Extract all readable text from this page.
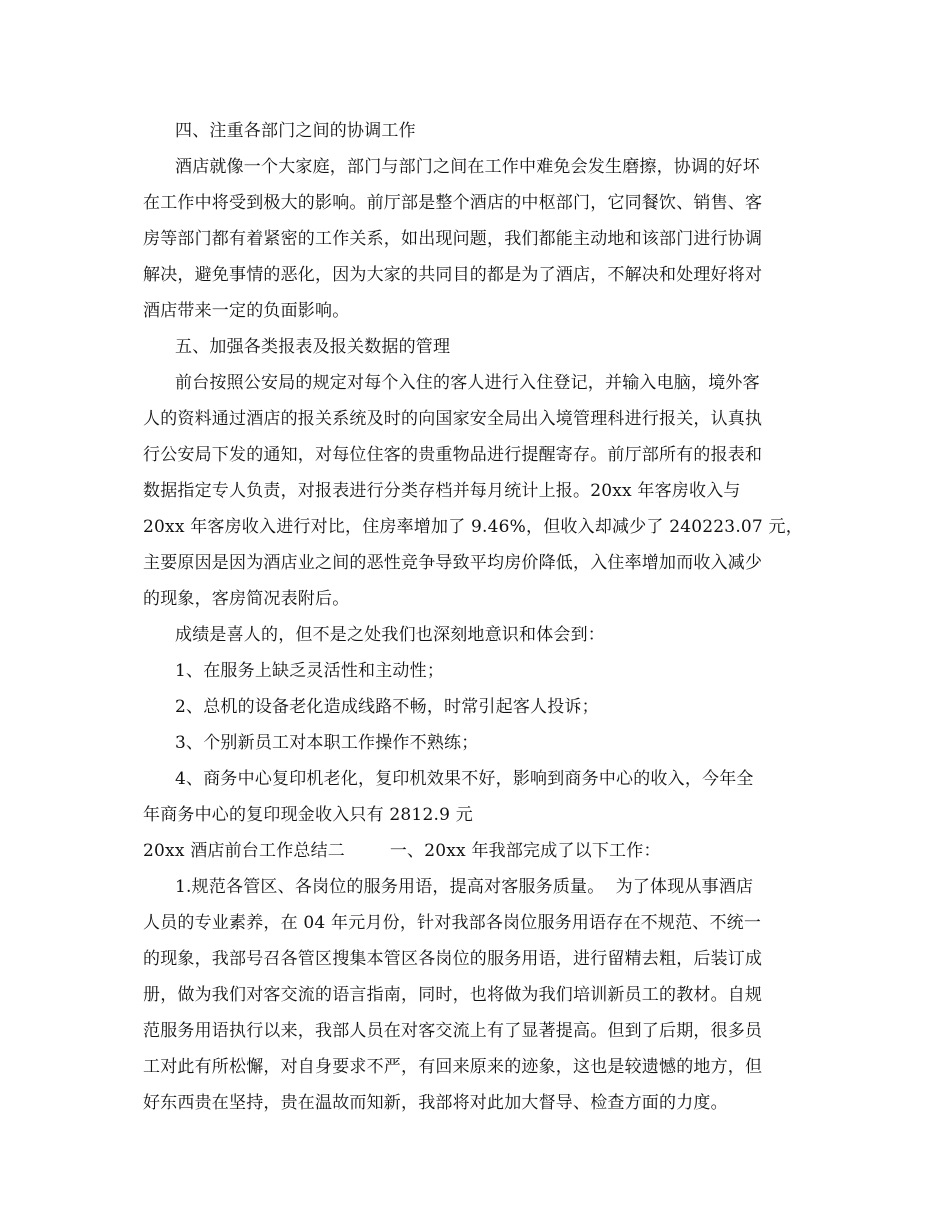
四、注重各部门之间的协调工作
酒店就像一个大家庭，部门与部门之间在工作中难免会发生磨擦，协调的好坏
在工作中将受到极大的影响。前厅部是整个酒店的中枢部门，它同餐饮、销售、客
房等部门都有着紧密的工作关系，如出现问题，我们都能主动地和该部门进行协调
解决，避免事情的恶化，因为大家的共同目的都是为了酒店，不解决和处理好将对
酒店带来一定的负面影响。
五、加强各类报表及报关数据的管理
前台按照公安局的规定对每个入住的客人进行入住登记，并输入电脑，境外客
人的资料通过酒店的报关系统及时的向国家安全局出入境管理科进行报关，认真执
行公安局下发的通知，对每位住客的贵重物品进行提醒寄存。前厅部所有的报表和
数据指定专人负责，对报表进行分类存档并每月统计上报。20xx 年客房收入与
20xx 年客房收入进行对比，住房率增加了 9.46%，但收入却减少了 240223.07 元，
主要原因是因为酒店业之间的恶性竞争导致平均房价降低，入住率增加而收入减少
的现象，客房简况表附后。
成绩是喜人的，但不是之处我们也深刻地意识和体会到：
1、在服务上缺乏灵活性和主动性；
2、总机的设备老化造成线路不畅，时常引起客人投诉；
3、个别新员工对本职工作操作不熟练；
4、商务中心复印机老化，复印机效果不好，影响到商务中心的收入，今年全
年商务中心的复印现金收入只有 2812.9 元
20xx 酒店前台工作总结二        一、20xx 年我部完成了以下工作：
1.规范各管区、各岗位的服务用语，提高对客服务质量。  为了体现从事酒店
人员的专业素养，在 04 年元月份，针对我部各岗位服务用语存在不规范、不统一
的现象，我部号召各管区搜集本管区各岗位的服务用语，进行留精去粗，后装订成
册，做为我们对客交流的语言指南，同时，也将做为我们培训新员工的教材。自规
范服务用语执行以来，我部人员在对客交流上有了显著提高。但到了后期，很多员
工对此有所松懈，对自身要求不严，有回来原来的迹象，这也是较遗憾的地方，但
好东西贵在坚持，贵在温故而知新，我部将对此加大督导、检查方面的力度。
